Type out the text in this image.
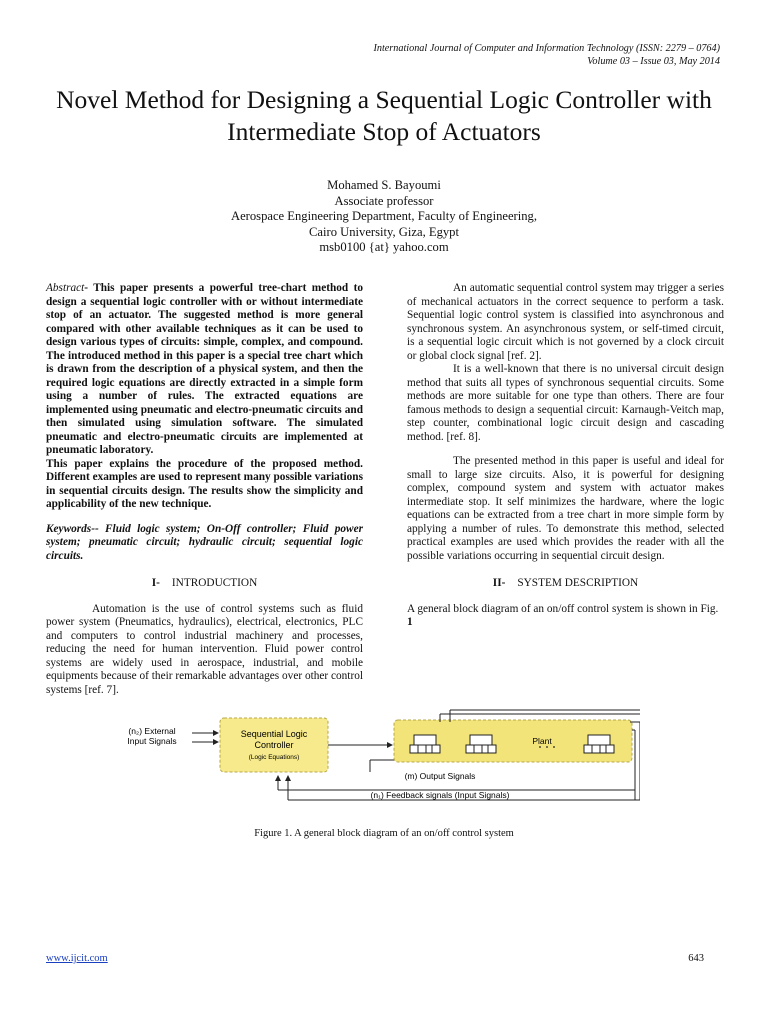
International Journal of Computer and Information Technology (ISSN: 2279 – 0764)
Volume 03 – Issue 03, May 2014
Novel Method for Designing a Sequential Logic Controller with Intermediate Stop of Actuators
Mohamed S. Bayoumi
Associate professor
Aerospace Engineering Department, Faculty of Engineering,
Cairo University, Giza, Egypt
msb0100 {at} yahoo.com

Abstract- This paper presents a powerful tree-chart method to design a sequential logic controller with or without intermediate stop of an actuator. The suggested method is more general compared with other available techniques as it can be used to design various types of circuits: simple, complex, and compound. The introduced method in this paper is a special tree chart which is drawn from the description of a physical system, and then the required logic equations are directly extracted in a simple form using a number of rules. The extracted equations are implemented using pneumatic and electro-pneumatic circuits and then simulated using simulation software. The simulated pneumatic and electro-pneumatic circuits are implemented at pneumatic laboratory.

This paper explains the procedure of the proposed method. Different examples are used to represent many possible variations in sequential circuits design. The results show the simplicity and applicability of the new technique.

Keywords-- Fluid logic system; On-Off controller; Fluid power system; pneumatic circuit; hydraulic circuit; sequential logic circuits.

I- INTRODUCTION

Automation is the use of control systems such as fluid power system (Pneumatics, hydraulics), electrical, electronics, PLC and computers to control industrial machinery and processes, reducing the need for human intervention. Fluid power control systems are widely used in aerospace, industrial, and mobile equipments because of their remarkable advantages over other control systems [ref. 7].

An automatic sequential control system may trigger a series of mechanical actuators in the correct sequence to perform a task. Sequential logic control system is classified into asynchronous and synchronous system. An asynchronous system, or self-timed circuit, is a sequential logic circuit which is not governed by a clock circuit or global clock signal [ref. 2].

It is a well-known that there is no universal circuit design method that suits all types of synchronous sequential circuits. Some methods are more suitable for one type than others. There are four famous methods to design a sequential circuit: Karnaugh-Veitch map, step counter, combinational logic circuit design and cascading method. [ref. 8].

The presented method in this paper is useful and ideal for small to large size circuits. Also, it is powerful for designing complex, compound system and system with actuator makes intermediate stop. It self minimizes the hardware, where the logic equations can be extracted from a tree chart in more simple form by applying a number of rules. To demonstrate this method, selected practical examples are used which provides the reader with all the possible variations occurring in sequential circuit design.

II- SYSTEM DESCRIPTION

A general block diagram of an on/off control system is shown in Fig. 1

(n₂) External
Input Signals
Sequential Logic
Controller
(Logic Equations)
(m) Output Signals
Plant
(n₁) Feedback signals (Input Signals)
Figure 1. A general block diagram of an on/off control system
www.ijcit.com	643
